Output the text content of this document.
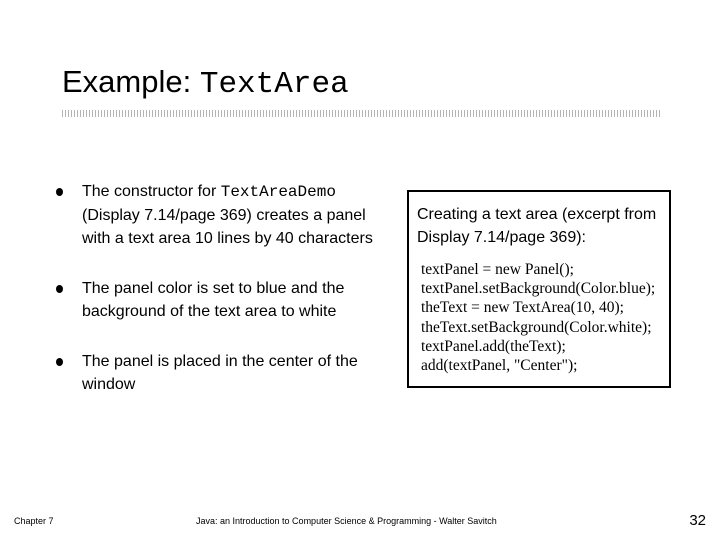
Example: TextArea
The constructor for TextAreaDemo (Display 7.14/page 369) creates a panel with a text area 10 lines by 40 characters
The panel color is set to blue and the background of the text area to white
The panel is placed in the center of the window
Creating a text area (excerpt from Display 7.14/page 369):
textPanel = new Panel();
textPanel.setBackground(Color.blue);
theText = new TextArea(10, 40);
theText.setBackground(Color.white);
textPanel.add(theText);
add(textPanel, "Center");
Chapter 7	Java: an Introduction to Computer Science & Programming - Walter Savitch	32
